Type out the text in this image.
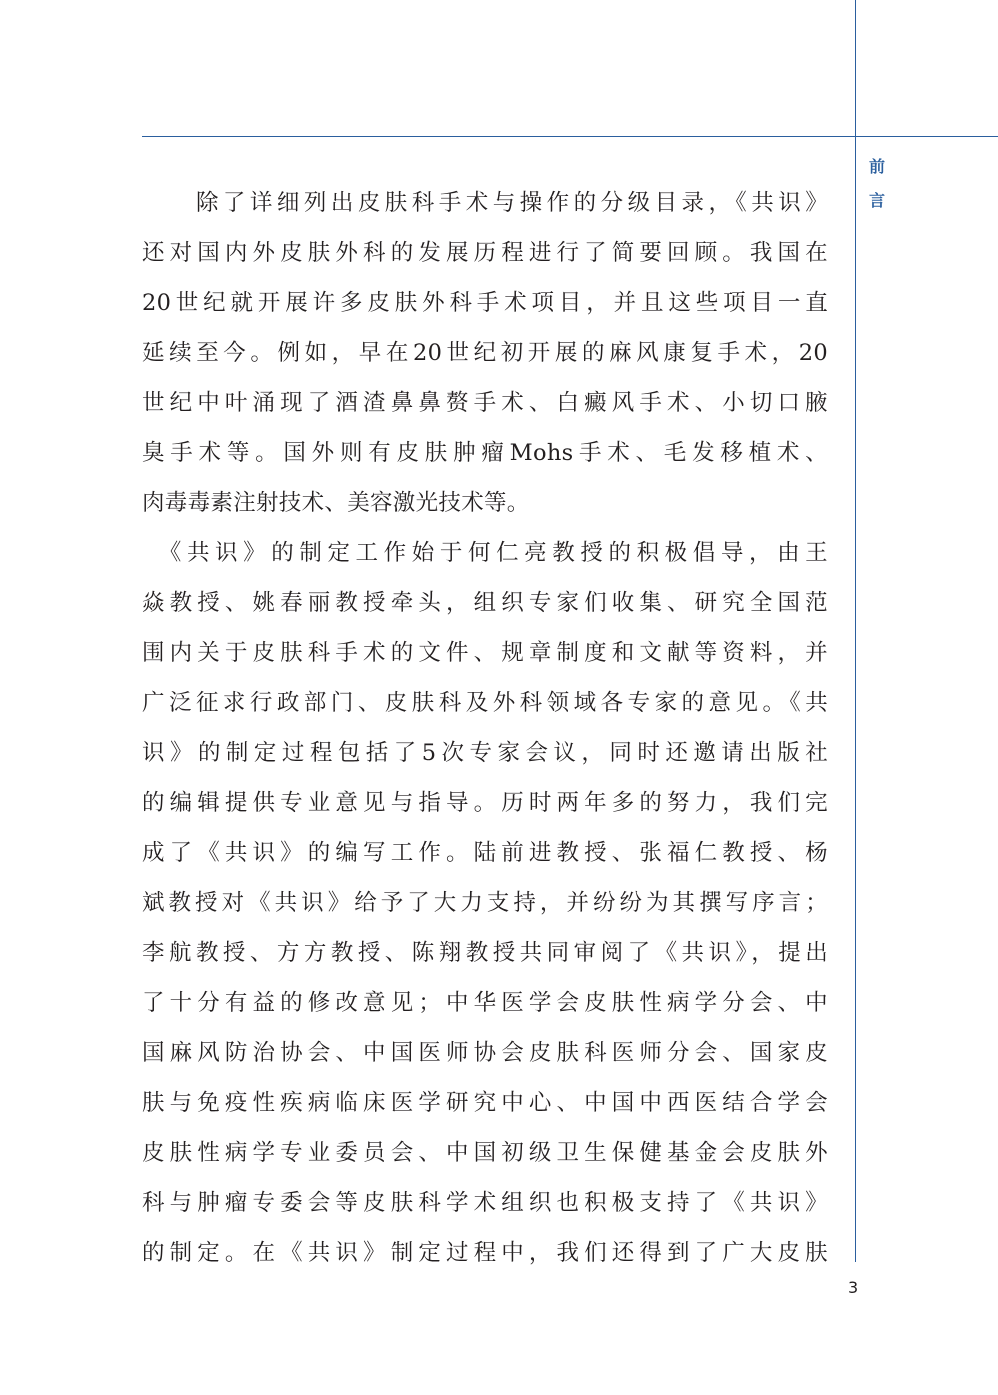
前
言
　　除了详细列出皮肤科手术与操作的分级目录，《共识》
还对国内外皮肤外科的发展历程进行了简要回顾。我国在
20世纪就开展许多皮肤外科手术项目，并且这些项目一直
延续至今。例如，早在20世纪初开展的麻风康复手术，20
世纪中叶涌现了酒渣鼻鼻赘手术、白癜风手术、小切口腋
臭手术等。国外则有皮肤肿瘤Mohs手术、毛发移植术、
肉毒毒素注射技术、美容激光技术等。
　《共识》的制定工作始于何仁亮教授的积极倡导，由王
焱教授、姚春丽教授牵头，组织专家们收集、研究全国范
围内关于皮肤科手术的文件、规章制度和文献等资料，并
广泛征求行政部门、皮肤科及外科领域各专家的意见。《共
识》的制定过程包括了5次专家会议，同时还邀请出版社
的编辑提供专业意见与指导。历时两年多的努力，我们完
成了《共识》的编写工作。陆前进教授、张福仁教授、杨
斌教授对《共识》给予了大力支持，并纷纷为其撰写序言；
李航教授、方方教授、陈翔教授共同审阅了《共识》，提出
了十分有益的修改意见；中华医学会皮肤性病学分会、中
国麻风防治协会、中国医师协会皮肤科医师分会、国家皮
肤与免疫性疾病临床医学研究中心、中国中西医结合学会
皮肤性病学专业委员会、中国初级卫生保健基金会皮肤外
科与肿瘤专委会等皮肤科学术组织也积极支持了《共识》
的制定。在《共识》制定过程中，我们还得到了广大皮肤
3
